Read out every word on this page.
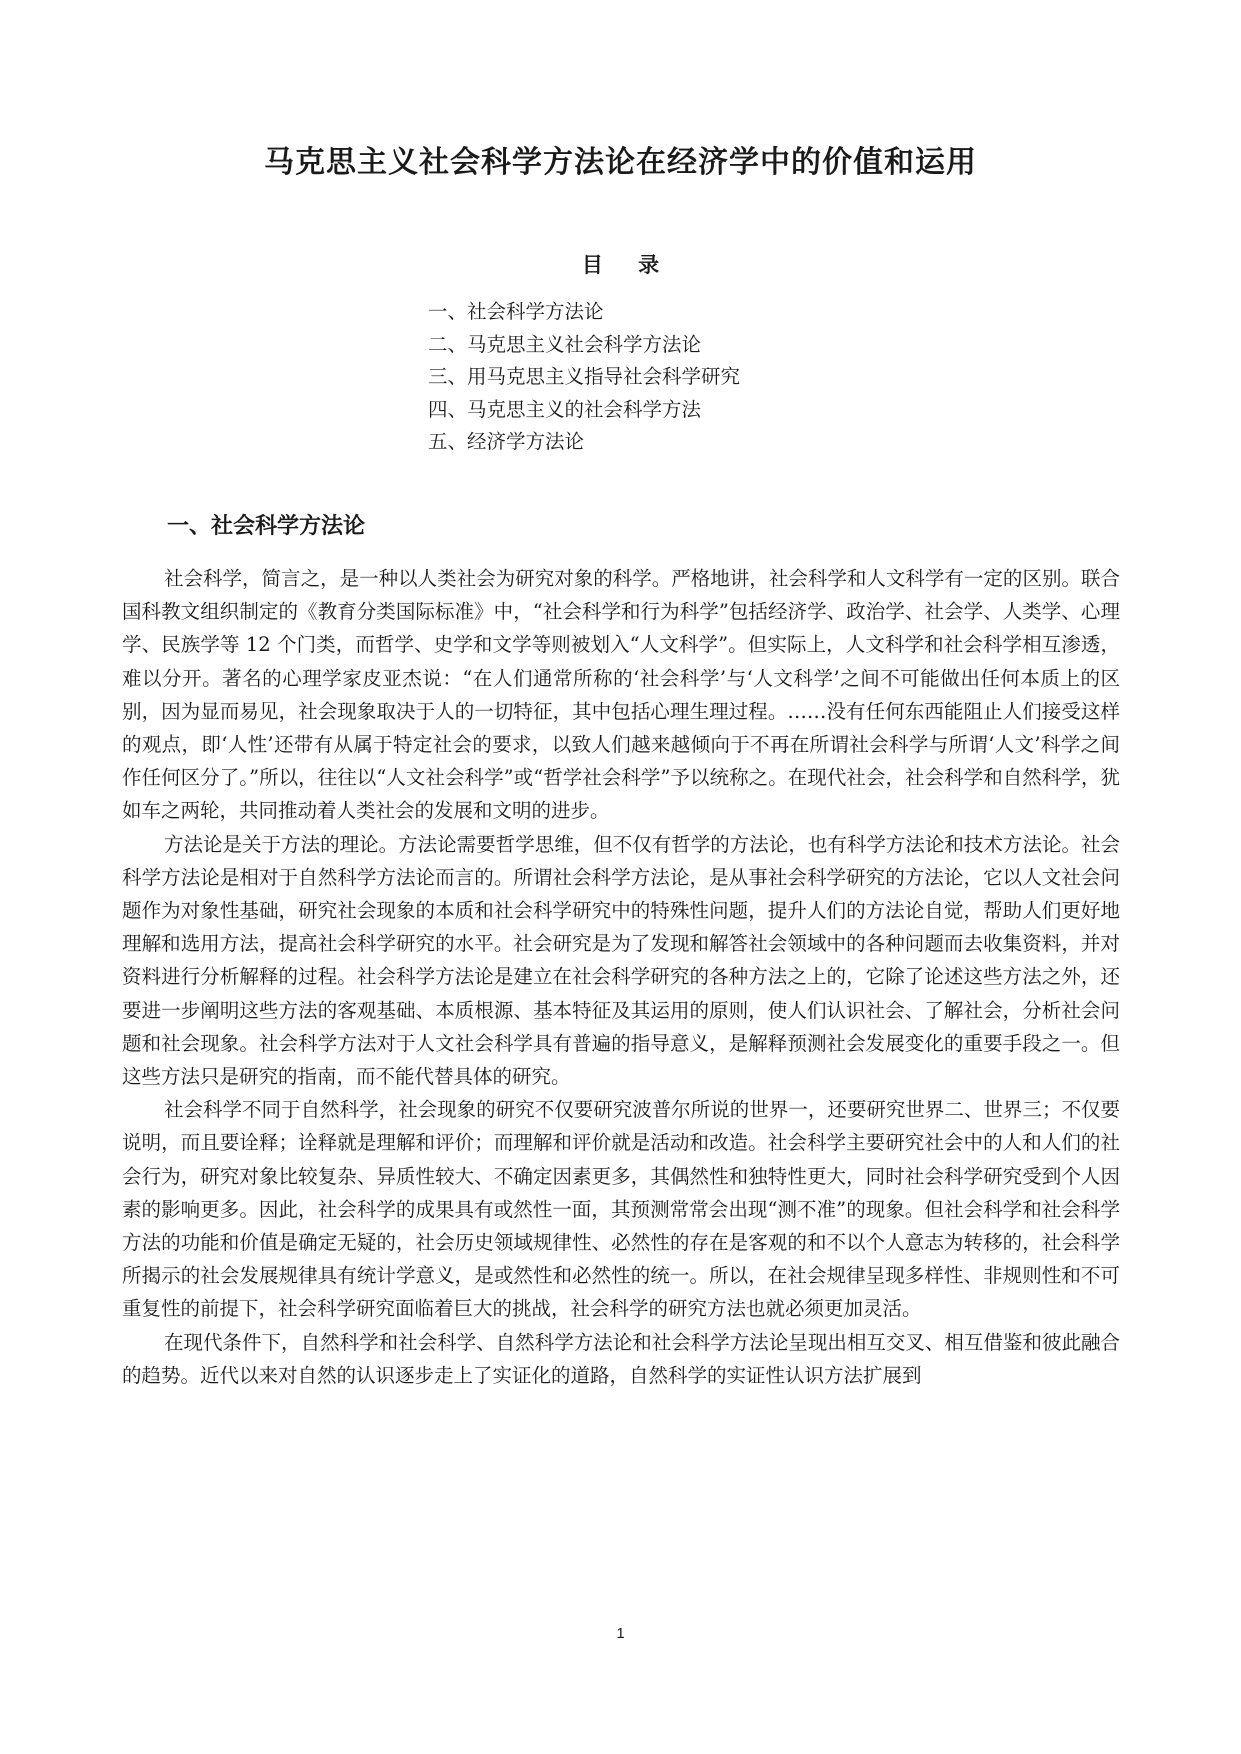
马克思主义社会科学方法论在经济学中的价值和运用
目 录
一、社会科学方法论
二、马克思主义社会科学方法论
三、用马克思主义指导社会科学研究
四、马克思主义的社会科学方法
五、经济学方法论
一、社会科学方法论

社会科学，简言之，是一种以人类社会为研究对象的科学。严格地讲，社会科学和人文科学有一定的区别。联合国科教文组织制定的《教育分类国际标准》中，“社会科学和行为科学”包括经济学、政治学、社会学、人类学、心理学、民族学等 12 个门类，而哲学、史学和文学等则被划入“人文科学”。但实际上，人文科学和社会科学相互渗透，难以分开。著名的心理学家皮亚杰说：“在人们通常所称的‘社会科学’与‘人文科学’之间不可能做出任何本质上的区别，因为显而易见，社会现象取决于人的一切特征，其中包括心理生理过程。……没有任何东西能阻止人们接受这样的观点，即‘人性’还带有从属于特定社会的要求，以致人们越来越倾向于不再在所谓社会科学与所谓‘人文’科学之间作任何区分了。”所以，往往以“人文社会科学”或“哲学社会科学”予以统称之。在现代社会，社会科学和自然科学，犹如车之两轮，共同推动着人类社会的发展和文明的进步。

方法论是关于方法的理论。方法论需要哲学思维，但不仅有哲学的方法论，也有科学方法论和技术方法论。社会科学方法论是相对于自然科学方法论而言的。所谓社会科学方法论，是从事社会科学研究的方法论，它以人文社会问题作为对象性基础，研究社会现象的本质和社会科学研究中的特殊性问题，提升人们的方法论自觉，帮助人们更好地理解和选用方法，提高社会科学研究的水平。社会研究是为了发现和解答社会领域中的各种问题而去收集资料，并对资料进行分析解释的过程。社会科学方法论是建立在社会科学研究的各种方法之上的，它除了论述这些方法之外，还要进一步阐明这些方法的客观基础、本质根源、基本特征及其运用的原则，使人们认识社会、了解社会，分析社会问题和社会现象。社会科学方法对于人文社会科学具有普遍的指导意义，是解释预测社会发展变化的重要手段之一。但这些方法只是研究的指南，而不能代替具体的研究。

社会科学不同于自然科学，社会现象的研究不仅要研究波普尔所说的世界一，还要研究世界二、世界三；不仅要说明，而且要诠释；诠释就是理解和评价；而理解和评价就是活动和改造。社会科学主要研究社会中的人和人们的社会行为，研究对象比较复杂、异质性较大、不确定因素更多，其偶然性和独特性更大，同时社会科学研究受到个人因素的影响更多。因此，社会科学的成果具有或然性一面，其预测常常会出现“测不准”的现象。但社会科学和社会科学方法的功能和价值是确定无疑的，社会历史领域规律性、必然性的存在是客观的和不以个人意志为转移的，社会科学所揭示的社会发展规律具有统计学意义，是或然性和必然性的统一。所以，在社会规律呈现多样性、非规则性和不可重复性的前提下，社会科学研究面临着巨大的挑战，社会科学的研究方法也就必须更加灵活。

在现代条件下，自然科学和社会科学、自然科学方法论和社会科学方法论呈现出相互交叉、相互借鉴和彼此融合的趋势。近代以来对自然的认识逐步走上了实证化的道路，自然科学的实证性认识方法扩展到

1
